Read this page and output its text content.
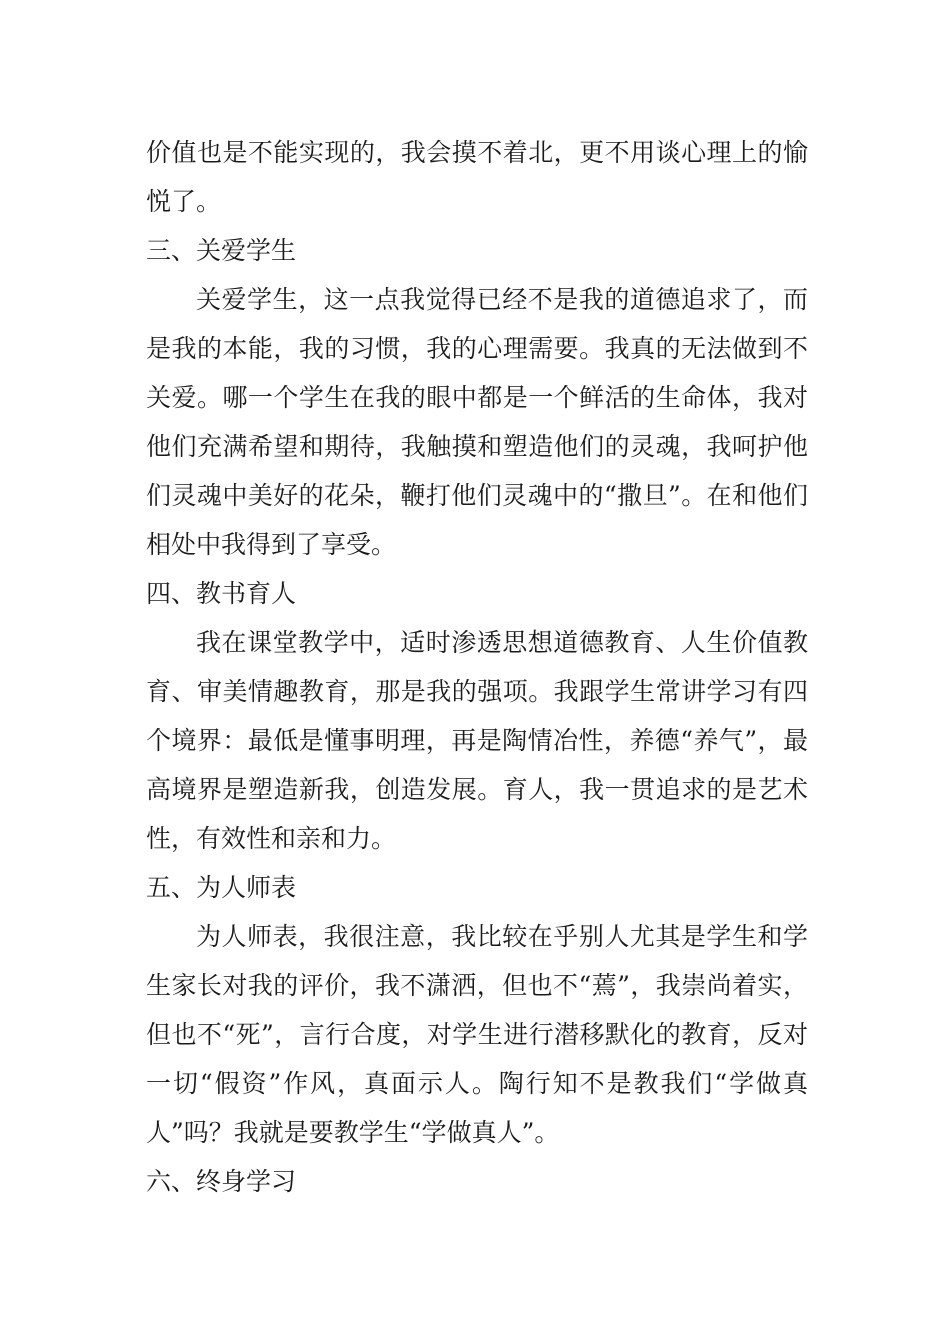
价值也是不能实现的，我会摸不着北，更不用谈心理上的愉悦了。

三、关爱学生

关爱学生，这一点我觉得已经不是我的道德追求了，而是我的本能，我的习惯，我的心理需要。我真的无法做到不关爱。哪一个学生在我的眼中都是一个鲜活的生命体，我对他们充满希望和期待，我触摸和塑造他们的灵魂，我呵护他们灵魂中美好的花朵，鞭打他们灵魂中的“撒旦”。在和他们相处中我得到了享受。

四、教书育人

我在课堂教学中，适时渗透思想道德教育、人生价值教育、审美情趣教育，那是我的强项。我跟学生常讲学习有四个境界：最低是懂事明理，再是陶情冶性，养德“养气”，最高境界是塑造新我，创造发展。育人，我一贯追求的是艺术性，有效性和亲和力。

五、为人师表

为人师表，我很注意，我比较在乎别人尤其是学生和学生家长对我的评价，我不潇洒，但也不“蔫”，我崇尚着实，但也不“死”，言行合度，对学生进行潜移默化的教育，反对一切“假资”作风，真面示人。陶行知不是教我们“学做真人”吗？我就是要教学生“学做真人”。

六、终身学习
